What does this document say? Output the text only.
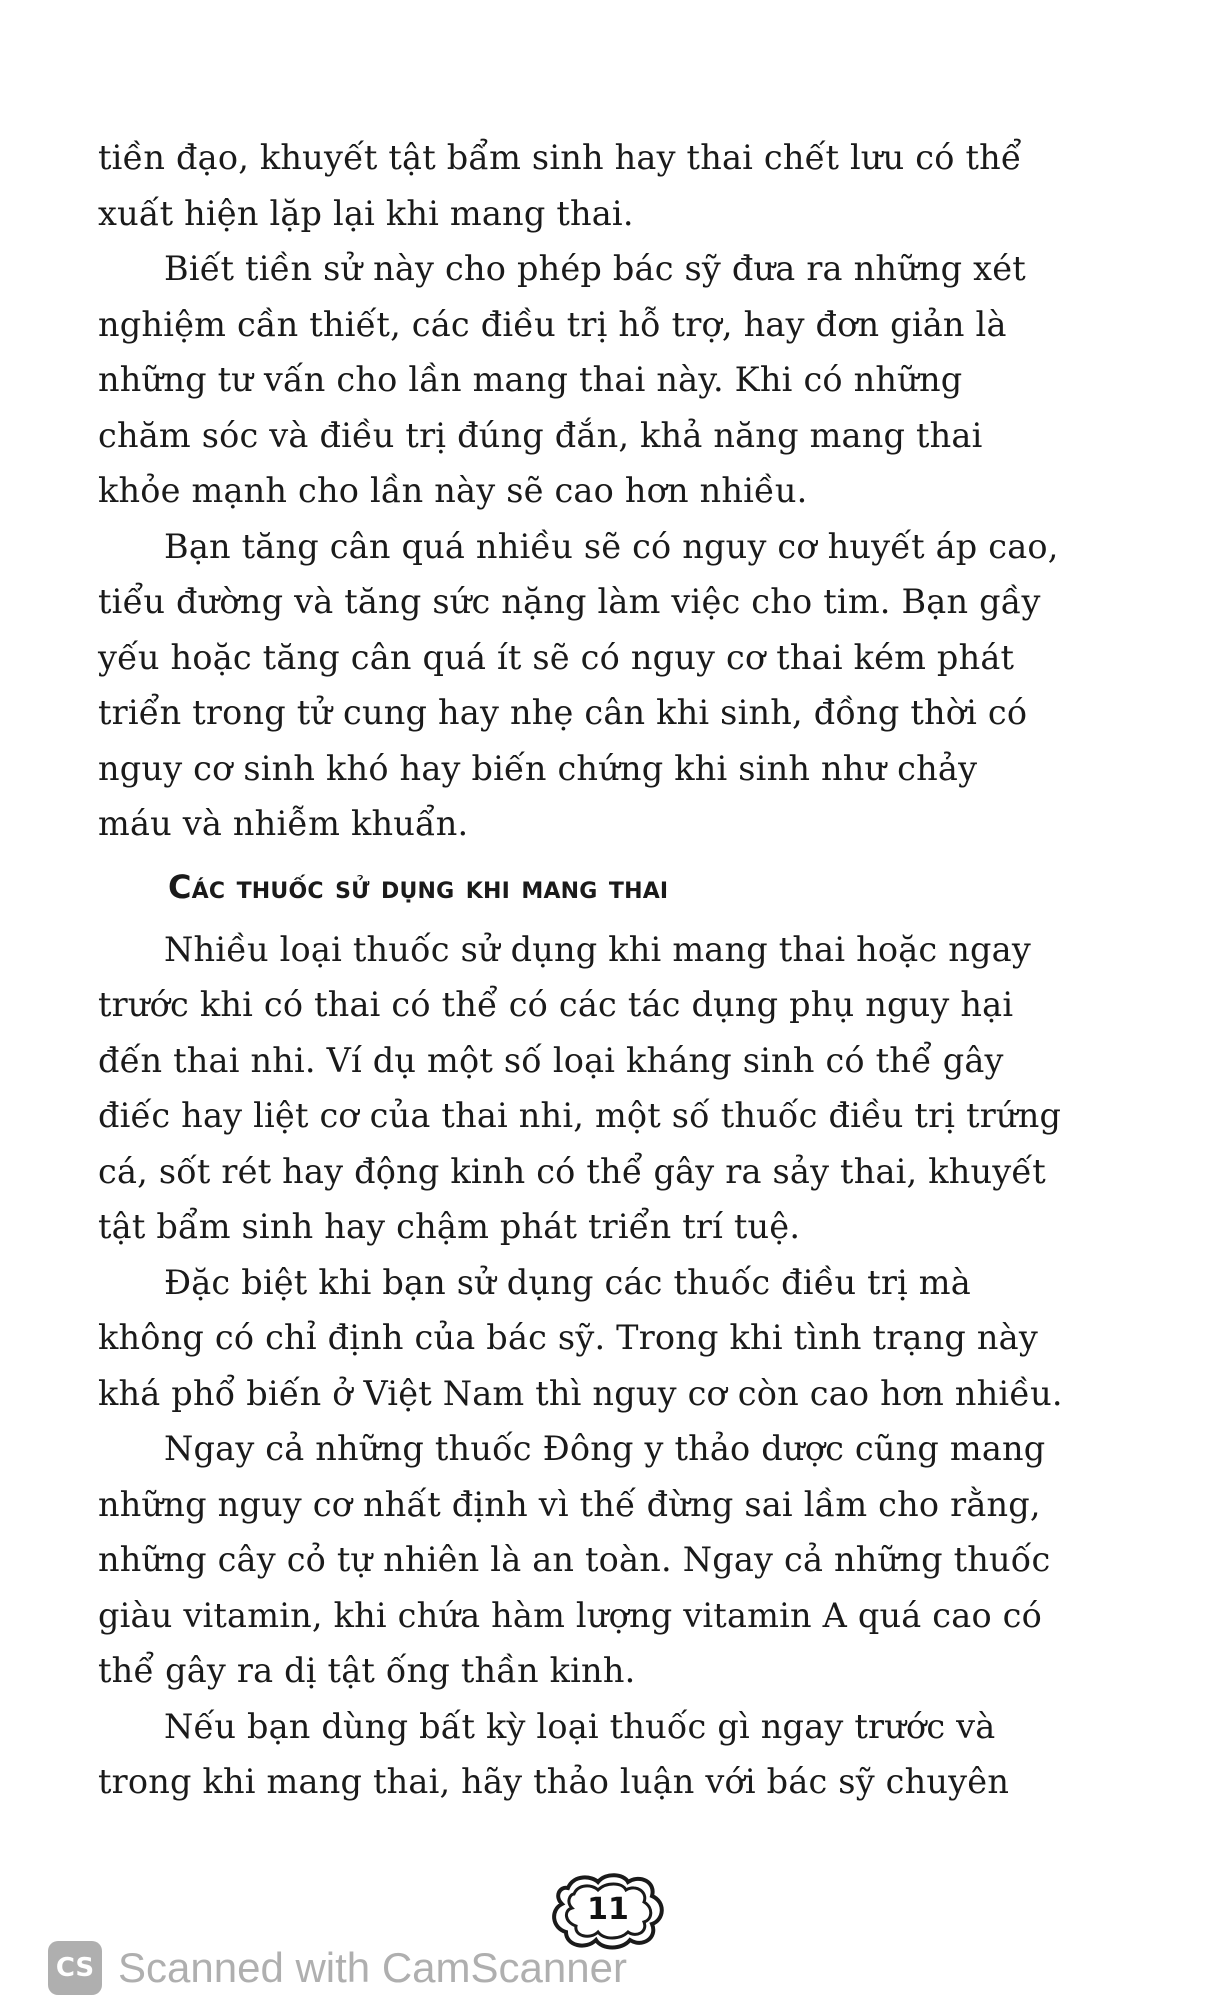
tiền đạo, khuyết tật bẩm sinh hay thai chết lưu có thể
xuất hiện lặp lại khi mang thai.
Biết tiền sử này cho phép bác sỹ đưa ra những xét
nghiệm cần thiết, các điều trị hỗ trợ, hay đơn giản là
những tư vấn cho lần mang thai này. Khi có những
chăm sóc và điều trị đúng đắn, khả năng mang thai
khỏe mạnh cho lần này sẽ cao hơn nhiều.
Bạn tăng cân quá nhiều sẽ có nguy cơ huyết áp cao,
tiểu đường và tăng sức nặng làm việc cho tim. Bạn gầy
yếu hoặc tăng cân quá ít sẽ có nguy cơ thai kém phát
triển trong tử cung hay nhẹ cân khi sinh, đồng thời có
nguy cơ sinh khó hay biến chứng khi sinh như chảy
máu và nhiễm khuẩn.
Các thuốc sử dụng khi mang thai
Nhiều loại thuốc sử dụng khi mang thai hoặc ngay
trước khi có thai có thể có các tác dụng phụ nguy hại
đến thai nhi. Ví dụ một số loại kháng sinh có thể gây
điếc hay liệt cơ của thai nhi, một số thuốc điều trị trứng
cá, sốt rét hay động kinh có thể gây ra sảy thai, khuyết
tật bẩm sinh hay chậm phát triển trí tuệ.
Đặc biệt khi bạn sử dụng các thuốc điều trị mà
không có chỉ định của bác sỹ. Trong khi tình trạng này
khá phổ biến ở Việt Nam thì nguy cơ còn cao hơn nhiều.
Ngay cả những thuốc Đông y thảo dược cũng mang
những nguy cơ nhất định vì thế đừng sai lầm cho rằng,
những cây cỏ tự nhiên là an toàn. Ngay cả những thuốc
giàu vitamin, khi chứa hàm lượng vitamin A quá cao có
thể gây ra dị tật ống thần kinh.
Nếu bạn dùng bất kỳ loại thuốc gì ngay trước và
trong khi mang thai, hãy thảo luận với bác sỹ chuyên
11
CS Scanned with CamScanner
